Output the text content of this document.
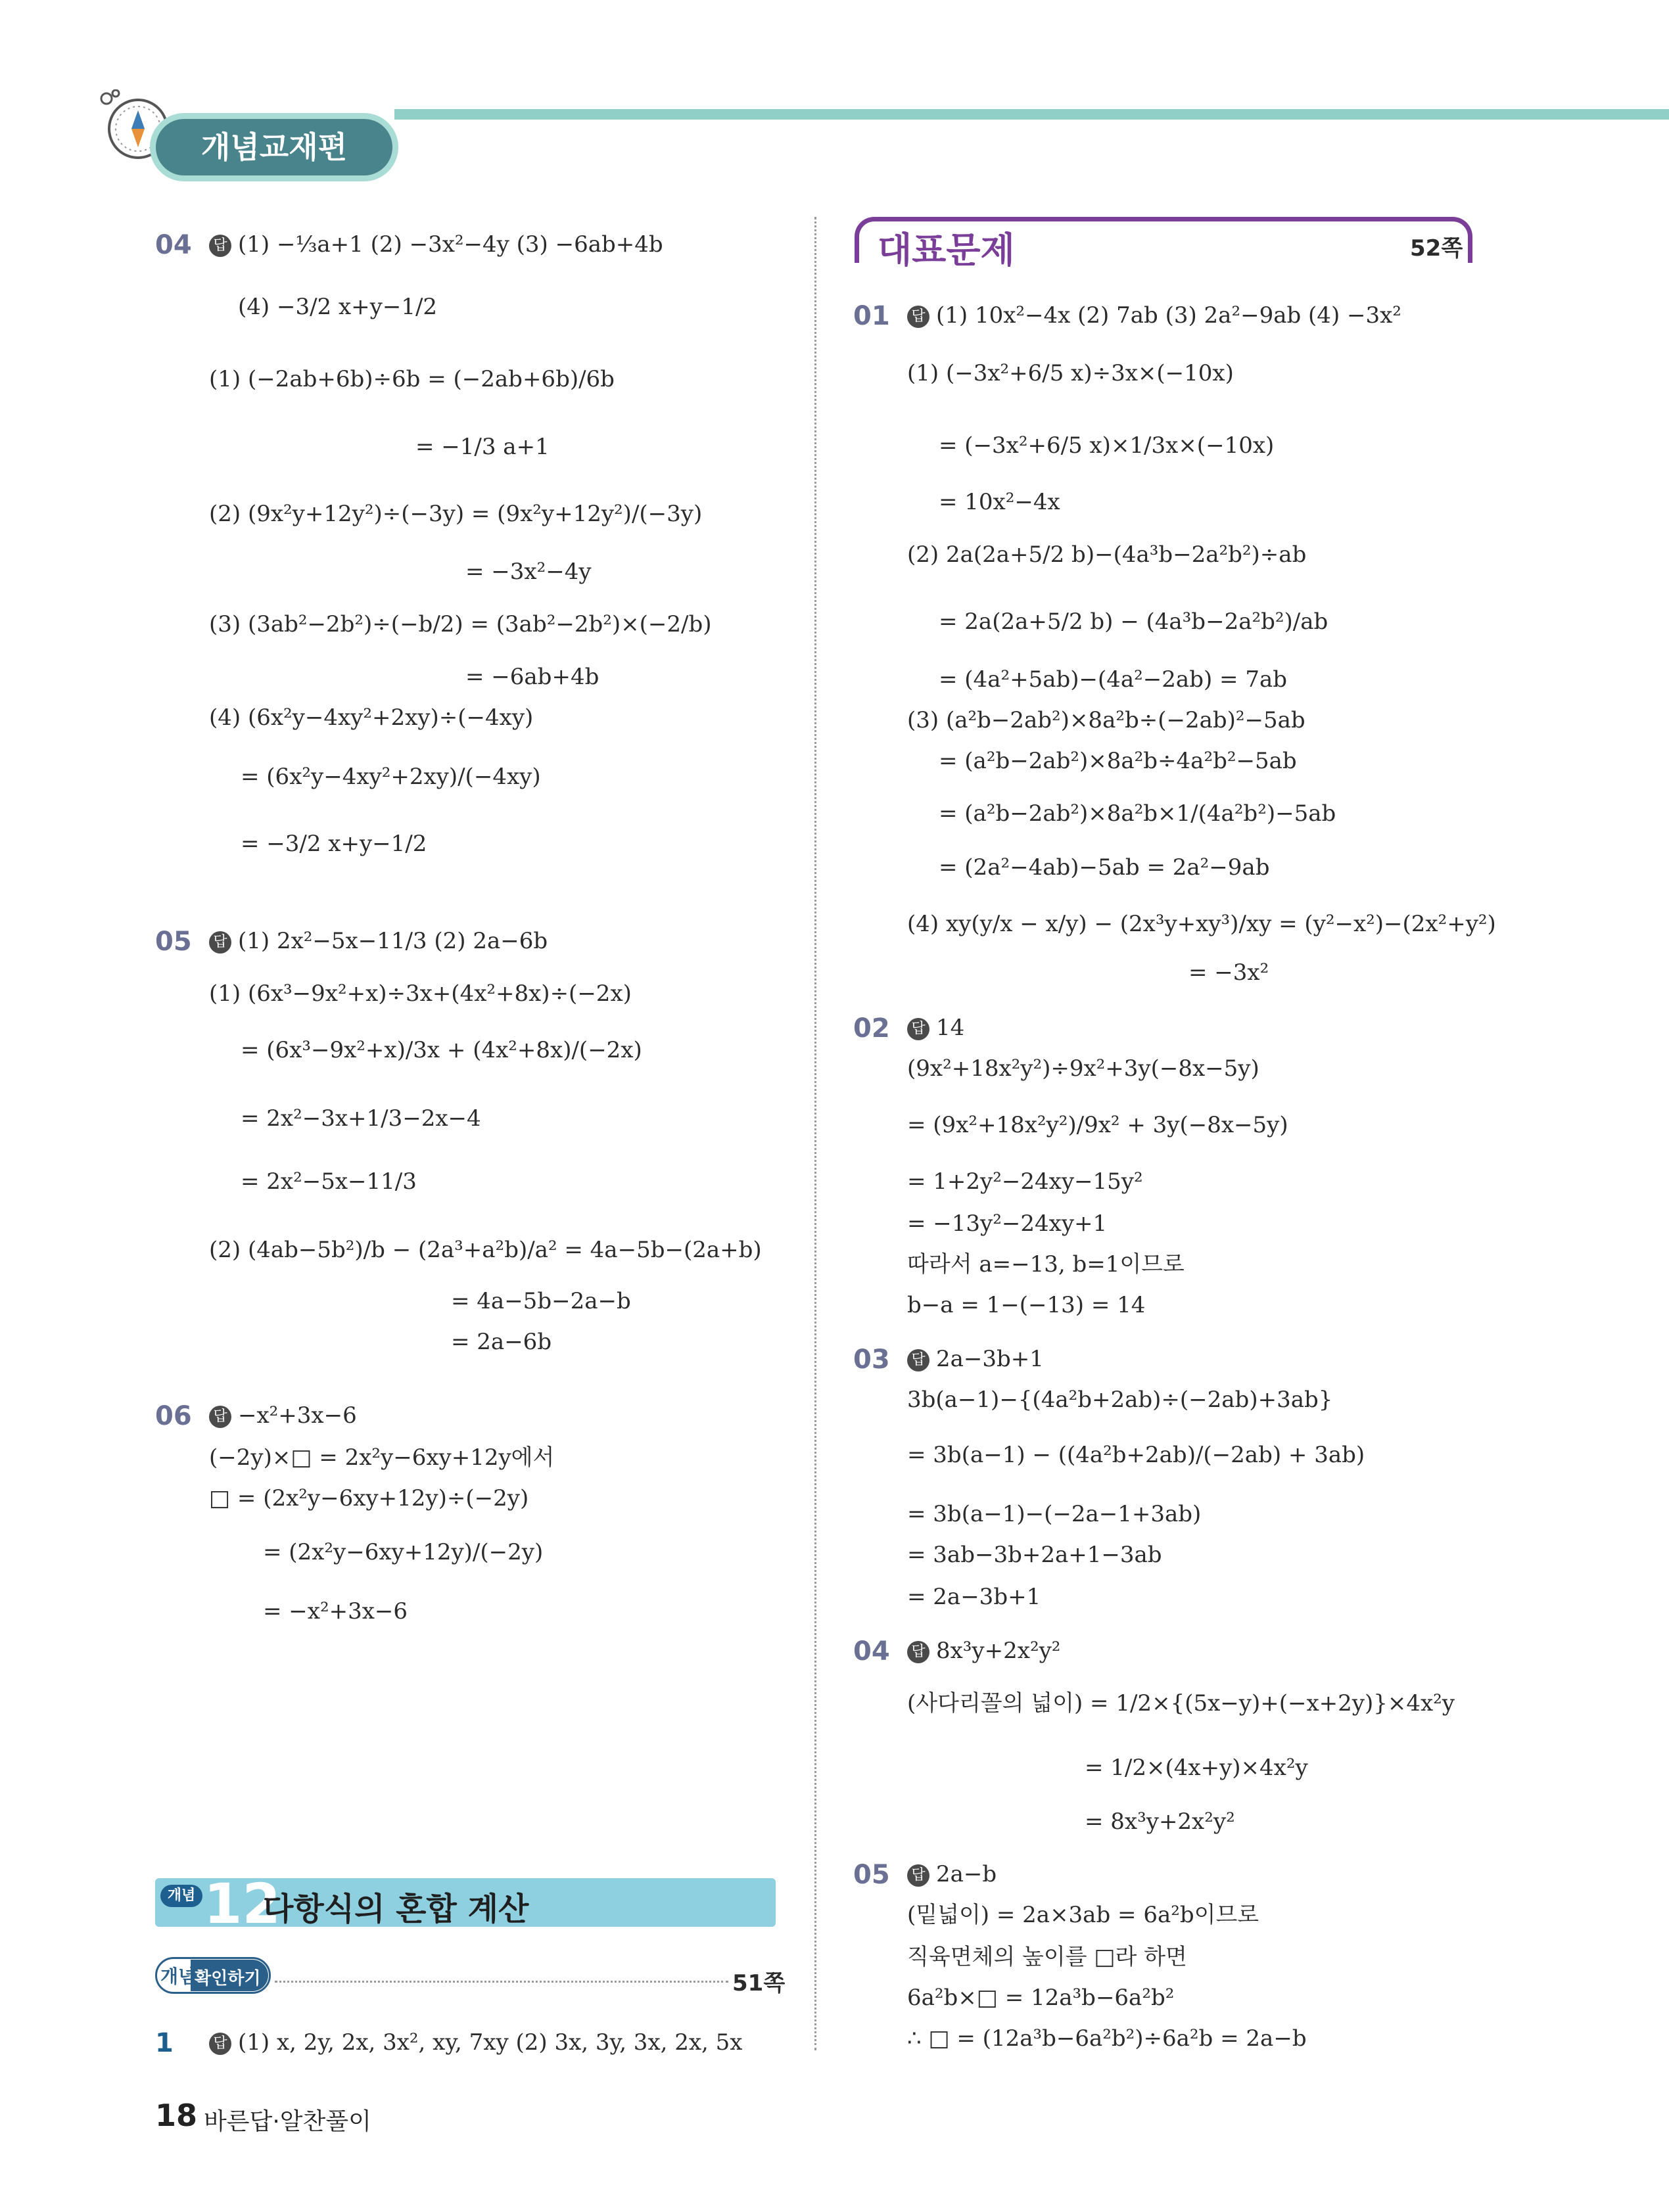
개념교재편
04 답 (1) −⅓a+1 (2) −3x²−4y (3) −6ab+4b
(4) −3/2 x+y−1/2
(1) (−2ab+6b)÷6b = (−2ab+6b)/6b
= −1/3 a+1
(2) (9x²y+12y²)÷(−3y) = (9x²y+12y²)/(−3y)
= −3x²−4y
(3) (3ab²−2b²)÷(−b/2) = (3ab²−2b²)×(−2/b)
= −6ab+4b
(4) (6x²y−4xy²+2xy)÷(−4xy)
= (6x²y−4xy²+2xy)/(−4xy)
= −3/2 x+y−1/2
05 답 (1) 2x²−5x−11/3 (2) 2a−6b
(1) (6x³−9x²+x)÷3x+(4x²+8x)÷(−2x)
= (6x³−9x²+x)/3x + (4x²+8x)/(−2x)
= 2x²−3x+1/3−2x−4
= 2x²−5x−11/3
(2) (4ab−5b²)/b − (2a³+a²b)/a² = 4a−5b−(2a+b)
= 4a−5b−2a−b
= 2a−6b
06 답 −x²+3x−6
(−2y)×□ = 2x²y−6xy+12y에서
□ = (2x²y−6xy+12y)÷(−2y)
= (2x²y−6xy+12y)/(−2y)
= −x²+3x−6
대표문제	52쪽
01 답 (1) 10x²−4x (2) 7ab (3) 2a²−9ab (4) −3x²
(1) (−3x²+6/5 x)÷3x×(−10x)
= (−3x²+6/5 x)×1/3x×(−10x)
= 10x²−4x
(2) 2a(2a+5/2 b)−(4a³b−2a²b²)÷ab
= 2a(2a+5/2 b) − (4a³b−2a²b²)/ab
= (4a²+5ab)−(4a²−2ab) = 7ab
(3) (a²b−2ab²)×8a²b÷(−2ab)²−5ab
= (a²b−2ab²)×8a²b÷4a²b²−5ab
= (a²b−2ab²)×8a²b×1/(4a²b²)−5ab
= (2a²−4ab)−5ab = 2a²−9ab
(4) xy(y/x − x/y) − (2x³y+xy³)/xy = (y²−x²)−(2x²+y²)
= −3x²
02 답 14
(9x²+18x²y²)÷9x²+3y(−8x−5y)
= (9x²+18x²y²)/9x² + 3y(−8x−5y)
= 1+2y²−24xy−15y²
= −13y²−24xy+1
따라서 a=−13, b=1이므로
b−a = 1−(−13) = 14
03 답 2a−3b+1
3b(a−1)−{(4a²b+2ab)÷(−2ab)+3ab}
= 3b(a−1) − ((4a²b+2ab)/(−2ab) + 3ab)
= 3b(a−1)−(−2a−1+3ab)
= 3ab−3b+2a+1−3ab
= 2a−3b+1
04 답 8x³y+2x²y²
(사다리꼴의 넓이) = 1/2×{(5x−y)+(−x+2y)}×4x²y
= 1/2×(4x+y)×4x²y
= 8x³y+2x²y²
05 답 2a−b
(밑넓이) = 2a×3ab = 6a²b이므로
직육면체의 높이를 □라 하면
6a²b×□ = 12a³b−6a²b²
∴ □ = (12a³b−6a²b²)÷6a²b = 2a−b
개념 12
다항식의 혼합 계산
개념
확인하기	51쪽
1	답 (1) x, 2y, 2x, 3x², xy, 7xy (2) 3x, 3y, 3x, 2x, 5x
18 바른답·알찬풀이
